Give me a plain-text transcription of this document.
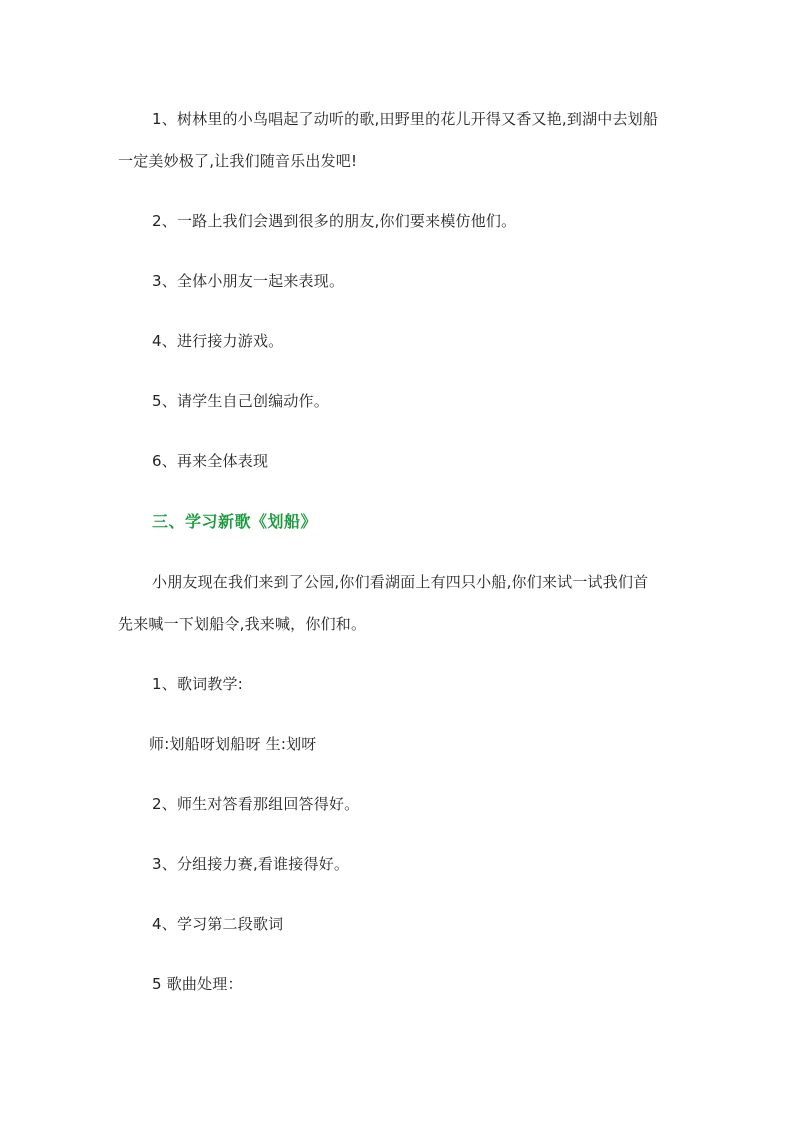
1、树林里的小鸟唱起了动听的歌,田野里的花儿开得又香又艳,到湖中去划船
一定美妙极了,让我们随音乐出发吧!
2、一路上我们会遇到很多的朋友,你们要来模仿他们。
3、全体小朋友一起来表现。
4、进行接力游戏。
5、请学生自己创编动作。
6、再来全体表现
三、学习新歌《划船》
小朋友现在我们来到了公园,你们看湖面上有四只小船,你们来试一试我们首
先来喊一下划船令,我来喊，你们和。
1、歌词教学:
师:划船呀划船呀 生:划呀
2、师生对答看那组回答得好。
3、分组接力赛,看谁接得好。
4、学习第二段歌词
5 歌曲处理：
